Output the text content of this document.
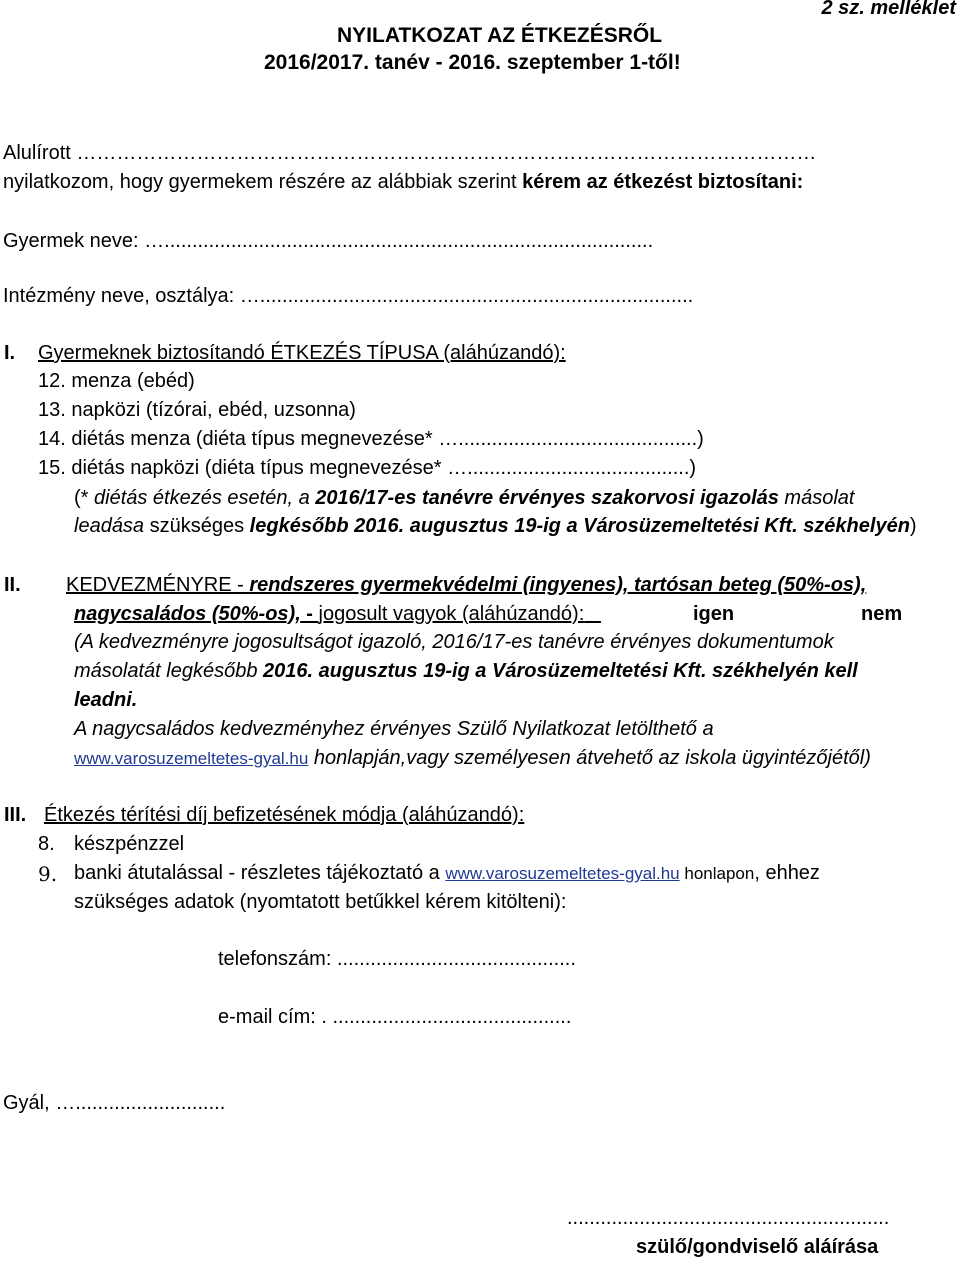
2 sz. melléklet
NYILATKOZAT AZ ÉTKEZÉSRŐL
2016/2017. tanév - 2016. szeptember 1-től!
Alulírott …………………………………………………………………………………………………
nyilatkozom, hogy gyermekem részére az alábbiak szerint kérem az étkezést biztosítani:
Gyermek neve: …........................................................................................
Intézmény neve, osztálya: …..............................................................................
I. Gyermeknek biztosítandó ÉTKEZÉS TÍPUSA (aláhúzandó):
12. menza (ebéd)
13. napközi (tízórai, ebéd, uzsonna)
14. diétás menza (diéta típus megnevezése* …...........................................)
15. diétás napközi (diéta típus megnevezése* …........................................)
(* diétás étkezés esetén, a 2016/17-es tanévre érvényes szakorvosi igazolás másolat
leadása szükséges legkésőbb 2016. augusztus 19-ig a Városüzemeltetési Kft. székhelyén)
II. KEDVEZMÉNYRE - rendszeres gyermekvédelmi (ingyenes), tartósan beteg (50%-os),
nagycsaládos (50%-os), - jogosult vagyok (aláhúzandó):	igen	nem
(A kedvezményre jogosultságot igazoló, 2016/17-es tanévre érvényes dokumentumok
másolatát legkésőbb 2016. augusztus 19-ig a Városüzemeltetési Kft. székhelyén kell
leadni.
A nagycsaládos kedvezményhez érvényes Szülő Nyilatkozat letölthető a
www.varosuzemeltetes-gyal.hu honlapján,vagy személyesen átvehető az iskola ügyintézőjétől)
III. Étkezés térítési díj befizetésének módja (aláhúzandó):
8. készpénzzel
9. banki átutalással - részletes tájékoztató a www.varosuzemeltetes-gyal.hu honlapon, ehhez
szükséges adatok (nyomtatott betűkkel kérem kitölteni):
telefonszám: ...........................................
e-mail cím: . ...........................................
Gyál, …...........................
..........................................................
szülő/gondviselő aláírása
